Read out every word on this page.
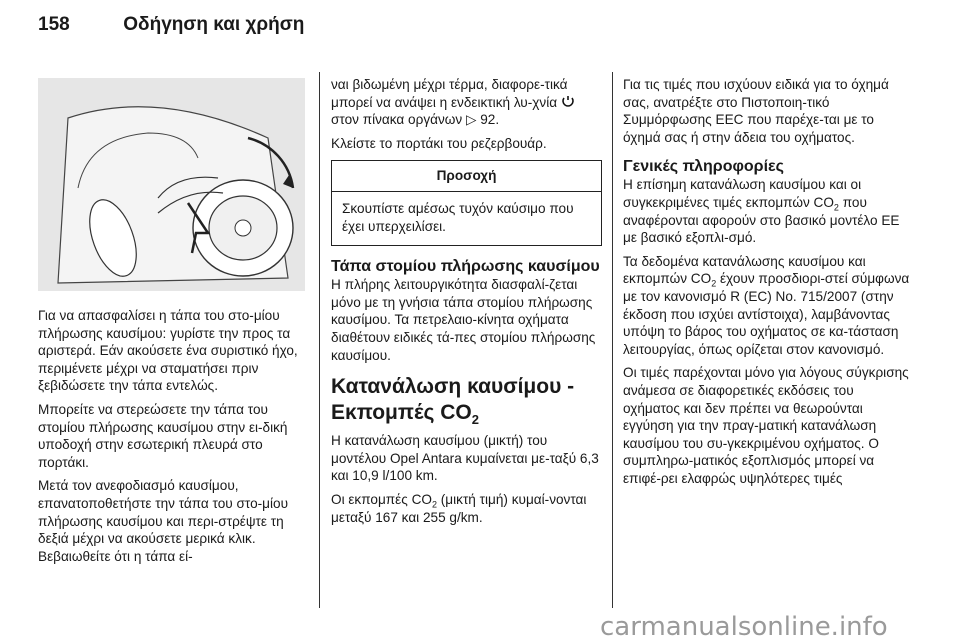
158	Οδήγηση και χρήση

Για να απασφαλίσει η τάπα του στο-μίου πλήρωσης καυσίμου: γυρίστε την προς τα αριστερά. Εάν ακούσετε ένα συριστικό ήχο, περιμένετε μέχρι να σταματήσει πριν ξεβιδώσετε την τάπα εντελώς.

Μπορείτε να στερεώσετε την τάπα του στομίου πλήρωσης καυσίμου στην ει-δική υποδοχή στην εσωτερική πλευρά στο πορτάκι.

Μετά τον ανεφοδιασμό καυσίμου, επανατοποθετήστε την τάπα του στο-μίου πλήρωσης καυσίμου και περι-στρέψτε τη δεξιά μέχρι να ακούσετε μερικά κλικ. Βεβαιωθείτε ότι η τάπα εί-

ναι βιδωμένη μέχρι τέρμα, διαφορε-τικά μπορεί να ανάψει η ενδεικτική λυ-χνία  στον πίνακα οργάνων ▷ 92.

Κλείστε το πορτάκι του ρεζερβουάρ.

Προσοχή
Σκουπίστε αμέσως τυχόν καύσιμο που έχει υπερχειλίσει.
Τάπα στομίου πλήρωσης καυσίμου

Η πλήρης λειτουργικότητα διασφαλί-ζεται μόνο με τη γνήσια τάπα στομίου πλήρωσης καυσίμου. Τα πετρελαιο-κίνητα οχήματα διαθέτουν ειδικές τά-πες στομίου πλήρωσης καυσίμου.

Κατανάλωση καυσίμου -
Εκπομπές $CO_2$

Η κατανάλωση καυσίμου (μικτή) του μοντέλου Opel Antara κυμαίνεται με-ταξύ 6,3 και 10,9 l/100 km.

Οι εκπομπές $CO_2$ (μικτή τιμή) κυμαί-νονται μεταξύ 167 και 255 g/km.

Για τις τιμές που ισχύουν ειδικά για το όχημά σας, ανατρέξτε στο Πιστοποιη-τικό Συμμόρφωσης EEC που παρέχε-ται με το όχημά σας ή στην άδεια του οχήματος.

Γενικές πληροφορίες

Η επίσημη κατανάλωση καυσίμου και οι συγκεκριμένες τιμές εκπομπών $CO_2$ που αναφέρονται αφορούν στο βασικό μοντέλο ΕΕ με βασικό εξοπλι-σμό.

Τα δεδομένα κατανάλωσης καυσίμου και εκπομπών $CO_2$ έχουν προσδιορι-στεί σύμφωνα με τον κανονισμό R (EC) No. 715/2007 (στην έκδοση που ισχύει αντίστοιχα), λαμβάνοντας υπόψη το βάρος του οχήματος σε κα-τάσταση λειτουργίας, όπως ορίζεται στον κανονισμό.

Οι τιμές παρέχονται μόνο για λόγους σύγκρισης ανάμεσα σε διαφορετικές εκδόσεις του οχήματος και δεν πρέπει να θεωρούνται εγγύηση για την πραγ-ματική κατανάλωση καυσίμου του συ-γκεκριμένου οχήματος. Ο συμπληρω-ματικός εξοπλισμός μπορεί να επιφέ-ρει ελαφρώς υψηλότερες τιμές

carmanualsonline.info
